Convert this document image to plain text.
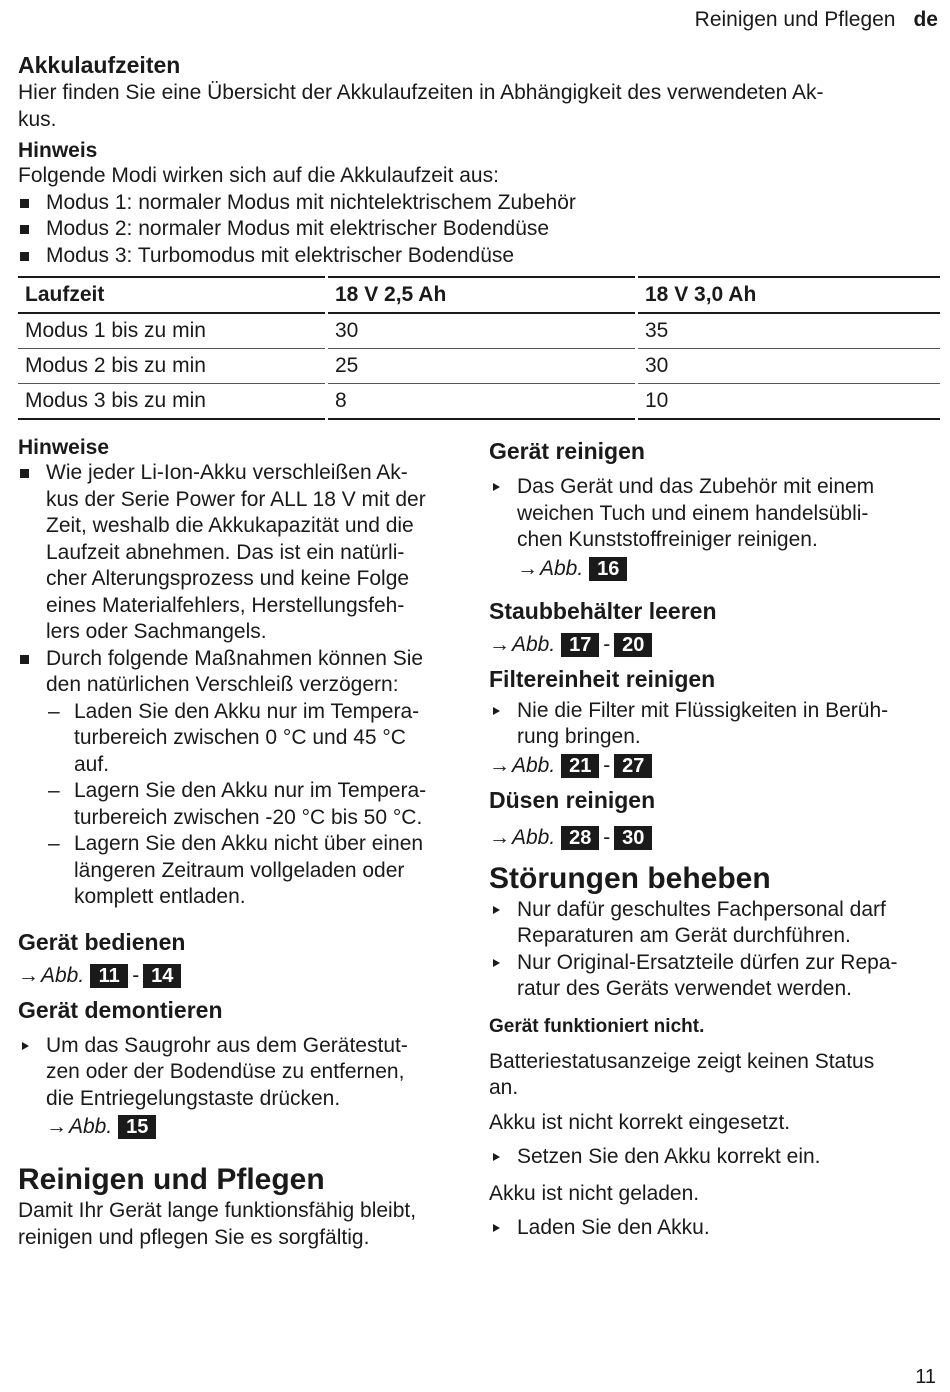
Reinigen und Pflegen de
Akkulaufzeiten

Hier finden Sie eine Übersicht der Akkulaufzeiten in Abhängigkeit des verwendeten Ak-

kus.

Hinweis

Folgende Modi wirken sich auf die Akkulaufzeit aus:

Modus 1: normaler Modus mit nichtelektrischem Zubehör
Modus 2: normaler Modus mit elektrischer Bodendüse
Modus 3: Turbomodus mit elektrischer Bodendüse
Laufzeit	18 V 2,5 Ah	18 V 3,0 Ah
Modus 1 bis zu min	30	35
Modus 2 bis zu min	25	30
Modus 3 bis zu min	8	10
Hinweise
Wie jeder Li-Ion-Akku verschleißen Ak-
kus der Serie Power for ALL 18 V mit der
Zeit, weshalb die Akkukapazität und die
Laufzeit abnehmen. Das ist ein natürli-
cher Alterungsprozess und keine Folge
eines Materialfehlers, Herstellungsfeh-
lers oder Sachmangels.
Durch folgende Maßnahmen können Sie
den natürlichen Verschleiß verzögern:
– Laden Sie den Akku nur im Tempera-
turbereich zwischen 0 °C und 45 °C
auf.
– Lagern Sie den Akku nur im Tempera-
turbereich zwischen -20 °C bis 50 °C.
– Lagern Sie den Akku nicht über einen
längeren Zeitraum vollgeladen oder
komplett entladen.
Gerät bedienen
→Abb. 11 - 14
Gerät demontieren
Um das Saugrohr aus dem Gerätestut-
zen oder der Bodendüse zu entfernen,
die Entriegelungstaste drücken.
→Abb. 15
Reinigen und Pflegen

Damit Ihr Gerät lange funktionsfähig bleibt,

reinigen und pflegen Sie es sorgfältig.

Gerät reinigen
Das Gerät und das Zubehör mit einem
weichen Tuch und einem handelsübli-
chen Kunststoffreiniger reinigen.
→Abb. 16
Staubbehälter leeren
→Abb. 17 - 20
Filtereinheit reinigen
Nie die Filter mit Flüssigkeiten in Berüh-
rung bringen.
→Abb. 21 - 27
Düsen reinigen
→Abb. 28 - 30
Störungen beheben
Nur dafür geschultes Fachpersonal darf
Reparaturen am Gerät durchführen.
Nur Original-Ersatzteile dürfen zur Repa-
ratur des Geräts verwendet werden.
Gerät funktioniert nicht.

Batteriestatusanzeige zeigt keinen Status

an.

Akku ist nicht korrekt eingesetzt.

Setzen Sie den Akku korrekt ein.

Akku ist nicht geladen.

Laden Sie den Akku.
11
